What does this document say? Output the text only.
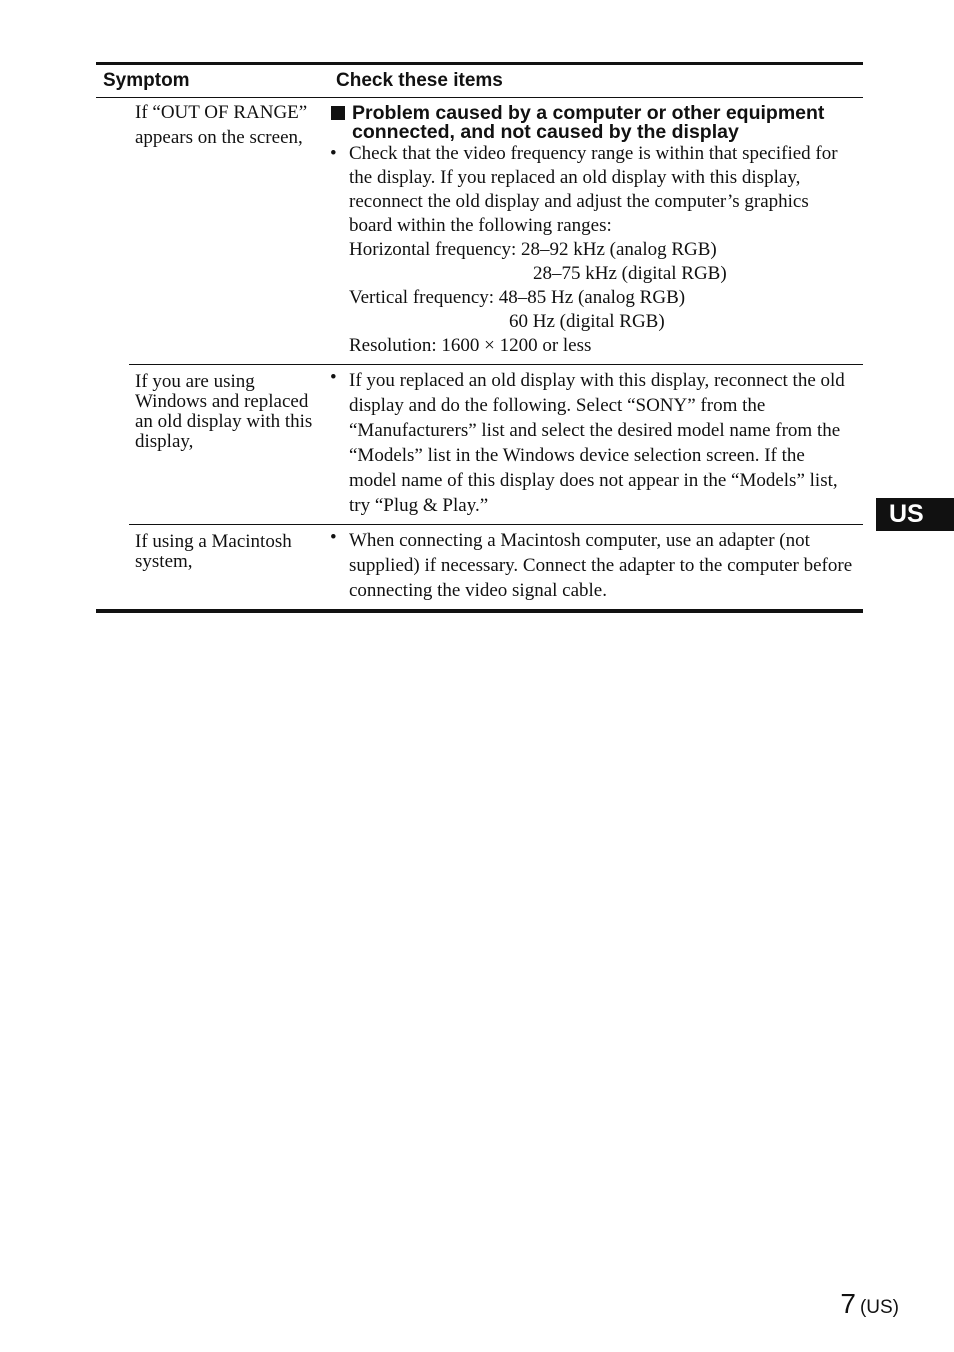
Symptom	Check these items
If “OUT OF RANGE” appears on the screen,
Problem caused by a computer or other equipment connected, and not caused by the display
• Check that the video frequency range is within that specified for the display. If you replaced an old display with this display, reconnect the old display and adjust the computer’s graphics board within the following ranges:
Horizontal frequency: 28–92 kHz (analog RGB)
28–75 kHz (digital RGB)
Vertical frequency: 48–85 Hz (analog RGB)
60 Hz (digital RGB)
Resolution: 1600 × 1200 or less
If you are using Windows and replaced an old display with this display,
• If you replaced an old display with this display, reconnect the old display and do the following. Select “SONY” from the “Manufacturers” list and select the desired model name from the “Models” list in the Windows device selection screen. If the model name of this display does not appear in the “Models” list, try “Plug & Play.”
If using a Macintosh system,
• When connecting a Macintosh computer, use an adapter (not supplied) if necessary. Connect the adapter to the computer before connecting the video signal cable.
US
7 (US)
